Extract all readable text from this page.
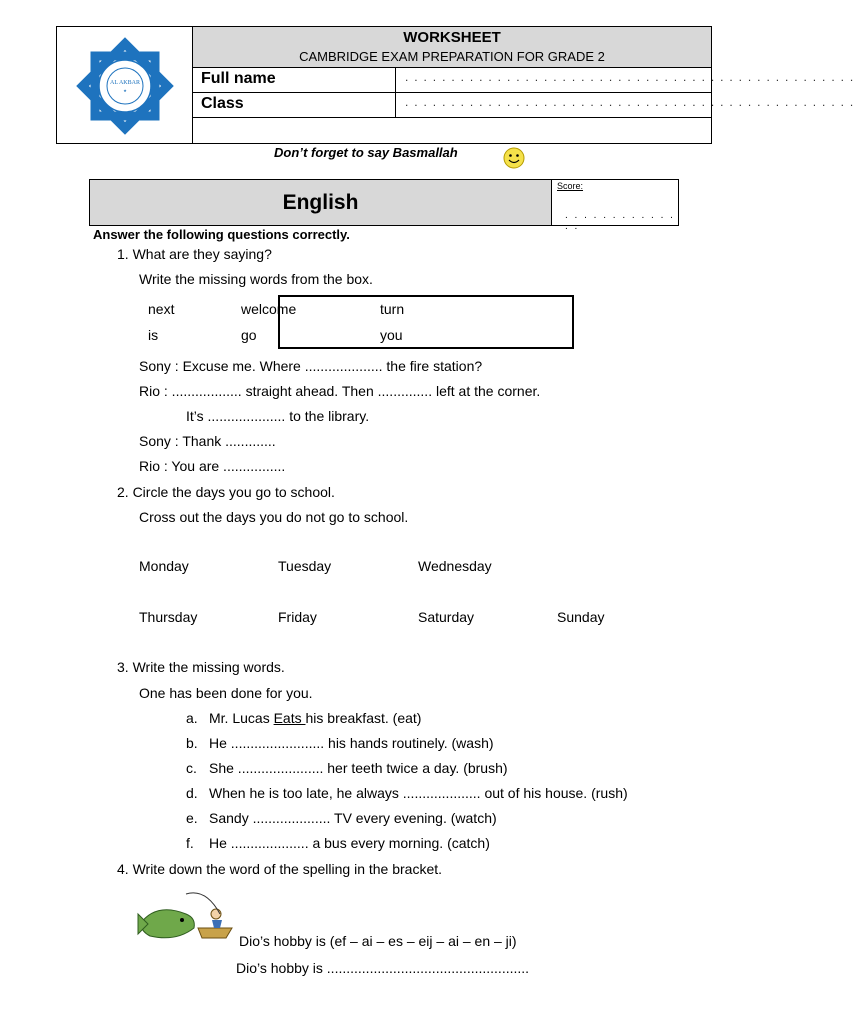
AL AKBAR
★
WORKSHEET
CAMBRIDGE EXAM PREPARATION FOR GRADE 2
Full name	. . . . . . . . . . . . . . . . . . . . . . . . . . . . . . . . . . . . . . . . . . . . . . . . .
Class	. . . . . . . . . . . . . . . . . . . . . . . . . . . . . . . . . . . . . . . . . . . . . . . . .
Don’t forget to say Basmallah
English
Score:
. . . . . . . . . . . . . .
Answer the following questions correctly.
1. What are they saying?
Write the missing words from the box.
next	welcome	turn
is	go	you
Sony : Excuse me. Where .................... the fire station?
Rio : .................. straight ahead. Then .............. left at the corner.
It’s .................... to the library.
Sony : Thank .............
Rio : You are ................
2. Circle the days you go to school.
Cross out the days you do not go to school.
Monday	Tuesday	Wednesday
Thursday	Friday	Saturday	Sunday
3. Write the missing words.
One has been done for you.
a. Mr. Lucas Eats his breakfast. (eat)
b. He ........................ his hands routinely. (wash)
c. She ...................... her teeth twice a day. (brush)
d. When he is too late, he always .................... out of his house. (rush)
e. Sandy .................... TV every evening. (watch)
f. He .................... a bus every morning. (catch)
4. Write down the word of the spelling in the bracket.
Dio’s hobby is (ef – ai – es – eij – ai – en – ji)
Dio’s hobby is ....................................................
